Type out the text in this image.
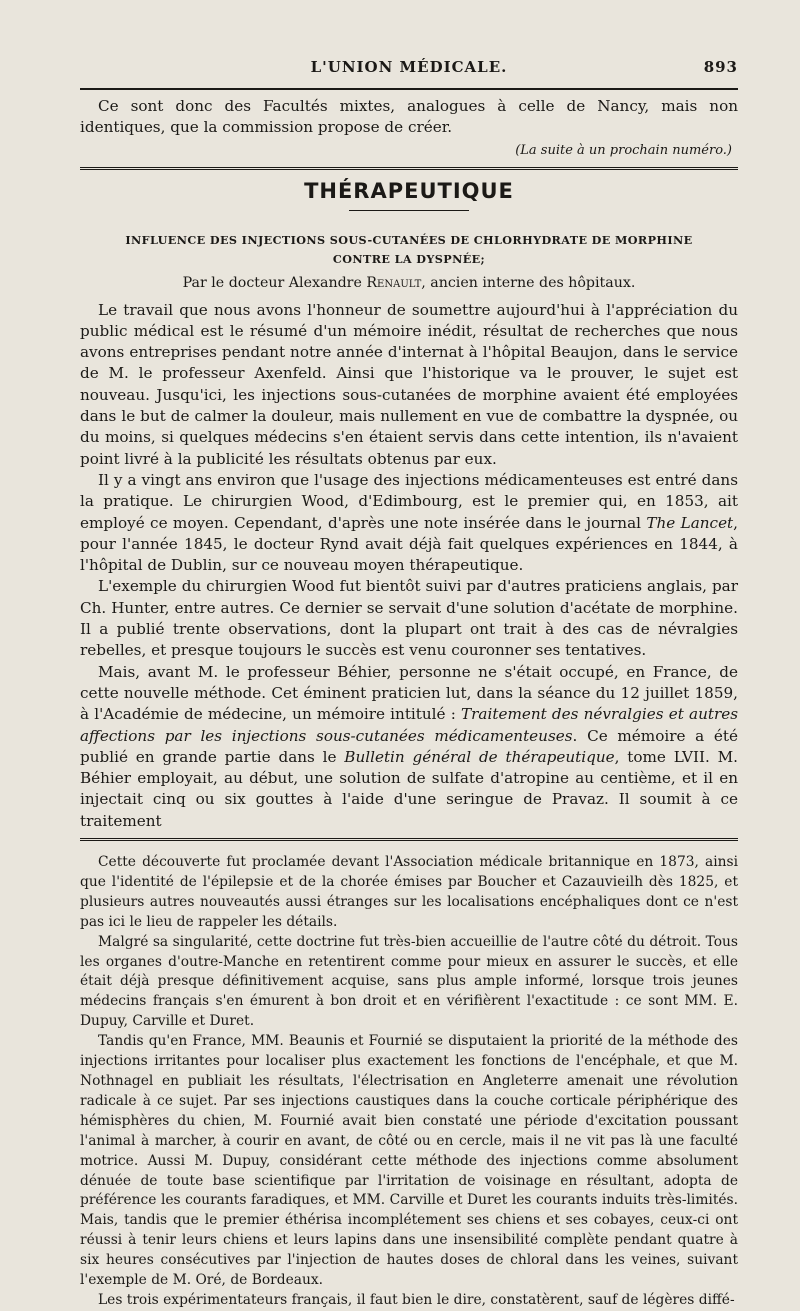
L'UNION MÉDICALE.	893

Ce sont donc des Facultés mixtes, analogues à celle de Nancy, mais non identiques, que la commission propose de créer.

(La suite à un prochain numéro.)
THÉRAPEUTIQUE
INFLUENCE DES INJECTIONS SOUS-CUTANÉES DE CHLORHYDRATE DE MORPHINE
CONTRE LA DYSPNÉE;
Par le docteur Alexandre Renault, ancien interne des hôpitaux.

Le travail que nous avons l'honneur de soumettre aujourd'hui à l'appréciation du public médical est le résumé d'un mémoire inédit, résultat de recherches que nous avons entreprises pendant notre année d'internat à l'hôpital Beaujon, dans le service de M. le professeur Axenfeld. Ainsi que l'historique va le prouver, le sujet est nouveau. Jusqu'ici, les injections sous-cutanées de morphine avaient été employées dans le but de calmer la douleur, mais nullement en vue de combattre la dyspnée, ou du moins, si quelques médecins s'en étaient servis dans cette intention, ils n'avaient point livré à la publicité les résultats obtenus par eux.

Il y a vingt ans environ que l'usage des injections médicamenteuses est entré dans la pratique. Le chirurgien Wood, d'Edimbourg, est le premier qui, en 1853, ait employé ce moyen. Cependant, d'après une note insérée dans le journal The Lancet, pour l'année 1845, le docteur Rynd avait déjà fait quelques expériences en 1844, à l'hôpital de Dublin, sur ce nouveau moyen thérapeutique.

L'exemple du chirurgien Wood fut bientôt suivi par d'autres praticiens anglais, par Ch. Hunter, entre autres. Ce dernier se servait d'une solution d'acétate de morphine. Il a publié trente observations, dont la plupart ont trait à des cas de névralgies rebelles, et presque toujours le succès est venu couronner ses tentatives.

Mais, avant M. le professeur Béhier, personne ne s'était occupé, en France, de cette nouvelle méthode. Cet éminent praticien lut, dans la séance du 12 juillet 1859, à l'Académie de médecine, un mémoire intitulé : Traitement des névralgies et autres affections par les injections sous-cutanées médicamenteuses. Ce mémoire a été publié en grande partie dans le Bulletin général de thérapeutique, tome LVII. M. Béhier employait, au début, une solution de sulfate d'atropine au centième, et il en injectait cinq ou six gouttes à l'aide d'une seringue de Pravaz. Il soumit à ce traitement

Cette découverte fut proclamée devant l'Association médicale britannique en 1873, ainsi que l'identité de l'épilepsie et de la chorée émises par Boucher et Cazauvieilh dès 1825, et plusieurs autres nouveautés aussi étranges sur les localisations encéphaliques dont ce n'est pas ici le lieu de rappeler les détails.

Malgré sa singularité, cette doctrine fut très-bien accueillie de l'autre côté du détroit. Tous les organes d'outre-Manche en retentirent comme pour mieux en assurer le succès, et elle était déjà presque définitivement acquise, sans plus ample informé, lorsque trois jeunes médecins français s'en émurent à bon droit et en vérifièrent l'exactitude : ce sont MM. E. Dupuy, Carville et Duret.

Tandis qu'en France, MM. Beaunis et Fournié se disputaient la priorité de la méthode des injections irritantes pour localiser plus exactement les fonctions de l'encéphale, et que M. Nothnagel en publiait les résultats, l'électrisation en Angleterre amenait une révolution radicale à ce sujet. Par ses injections caustiques dans la couche corticale périphérique des hémisphères du chien, M. Fournié avait bien constaté une période d'excitation poussant l'animal à marcher, à courir en avant, de côté ou en cercle, mais il ne vit pas là une faculté motrice. Aussi M. Dupuy, considérant cette méthode des injections comme absolument dénuée de toute base scientifique par l'irritation de voisinage en résultant, adopta de préférence les courants faradiques, et MM. Carville et Duret les courants induits très-limités. Mais, tandis que le premier éthérisa incomplétement ses chiens et ses cobayes, ceux-ci ont réussi à tenir leurs chiens et leurs lapins dans une insensibilité complète pendant quatre à six heures consécutives par l'injection de hautes doses de chloral dans les veines, suivant l'exemple de M. Oré, de Bordeaux.

Les trois expérimentateurs français, il faut bien le dire, constatèrent, sauf de légères diffé-
